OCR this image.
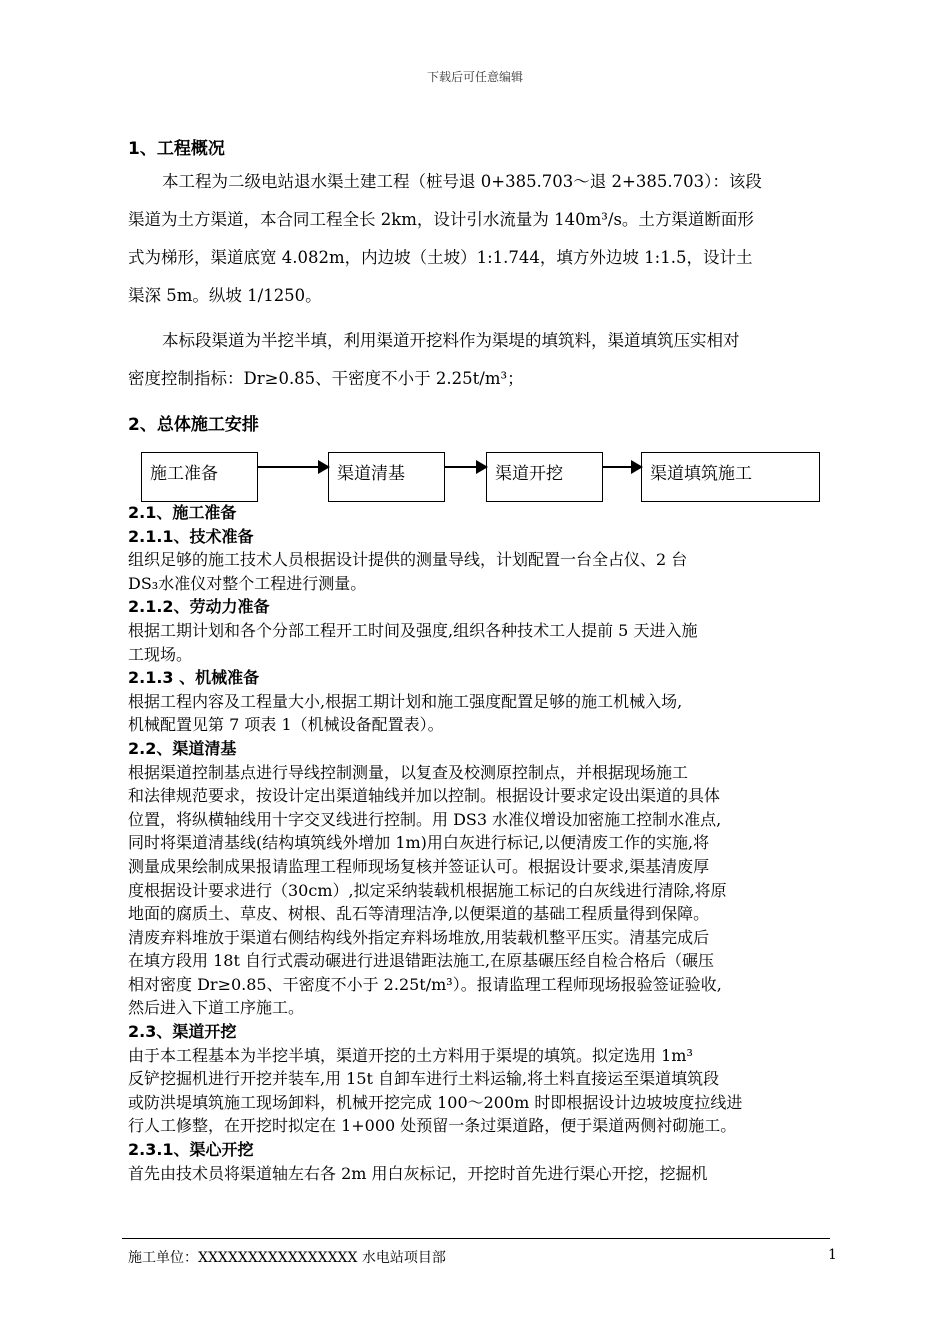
下载后可任意编辑
1、工程概况
本工程为二级电站退水渠土建工程（桩号退 0+385.703～退 2+385.703）：该段
渠道为土方渠道，本合同工程全长 2km，设计引水流量为 140m³/s。土方渠道断面形
式为梯形，渠道底宽 4.082m，内边坡（土坡）1:1.744，填方外边坡 1:1.5，设计土
渠深 5m。纵坡 1/1250。
本标段渠道为半挖半填，利用渠道开挖料作为渠堤的填筑料，渠道填筑压实相对
密度控制指标：Dr≥0.85、干密度不小于 2.25t/m³；
2、总体施工安排
施工准备	渠道清基	渠道开挖	渠道填筑施工
2.1、施工准备
2.1.1、技术准备
组织足够的施工技术人员根据设计提供的测量导线，计划配置一台全占仪、2 台
DS₃水准仪对整个工程进行测量。
2.1.2、劳动力准备
根据工期计划和各个分部工程开工时间及强度,组织各种技术工人提前 5 天进入施
工现场。
2.1.3 、机械准备
根据工程内容及工程量大小,根据工期计划和施工强度配置足够的施工机械入场,
机械配置见第 7 项表 1（机械设备配置表）。
2.2、渠道清基
根据渠道控制基点进行导线控制测量，以复查及校测原控制点，并根据现场施工
和法律规范要求，按设计定出渠道轴线并加以控制。根据设计要求定设出渠道的具体
位置，将纵横轴线用十字交叉线进行控制。用 DS3 水准仪增设加密施工控制水准点,
同时将渠道清基线(结构填筑线外增加 1m)用白灰进行标记,以便清废工作的实施,将
测量成果绘制成果报请监理工程师现场复核并签证认可。根据设计要求,渠基清废厚
度根据设计要求进行（30cm）,拟定采纳装载机根据施工标记的白灰线进行清除,将原
地面的腐质土、草皮、树根、乱石等清理洁净,以便渠道的基础工程质量得到保障。
清废弃料堆放于渠道右侧结构线外指定弃料场堆放,用装载机整平压实。清基完成后
在填方段用 18t 自行式震动碾进行进退错距法施工,在原基碾压经自检合格后（碾压
相对密度 Dr≥0.85、干密度不小于 2.25t/m³）。报请监理工程师现场报验签证验收,
然后进入下道工序施工。
2.3、渠道开挖
由于本工程基本为半挖半填，渠道开挖的土方料用于渠堤的填筑。拟定选用 1m³
反铲挖掘机进行开挖并装车,用 15t 自卸车进行土料运输,将土料直接运至渠道填筑段
或防洪堤填筑施工现场卸料，机械开挖完成 100～200m 时即根据设计边坡坡度拉线进
行人工修整，在开挖时拟定在 1+000 处预留一条过渠道路，便于渠道两侧衬砌施工。
2.3.1、渠心开挖
首先由技术员将渠道轴左右各 2m 用白灰标记，开挖时首先进行渠心开挖，挖掘机
施工单位：XXXXXXXXXXXXXXXX 水电站项目部	1
